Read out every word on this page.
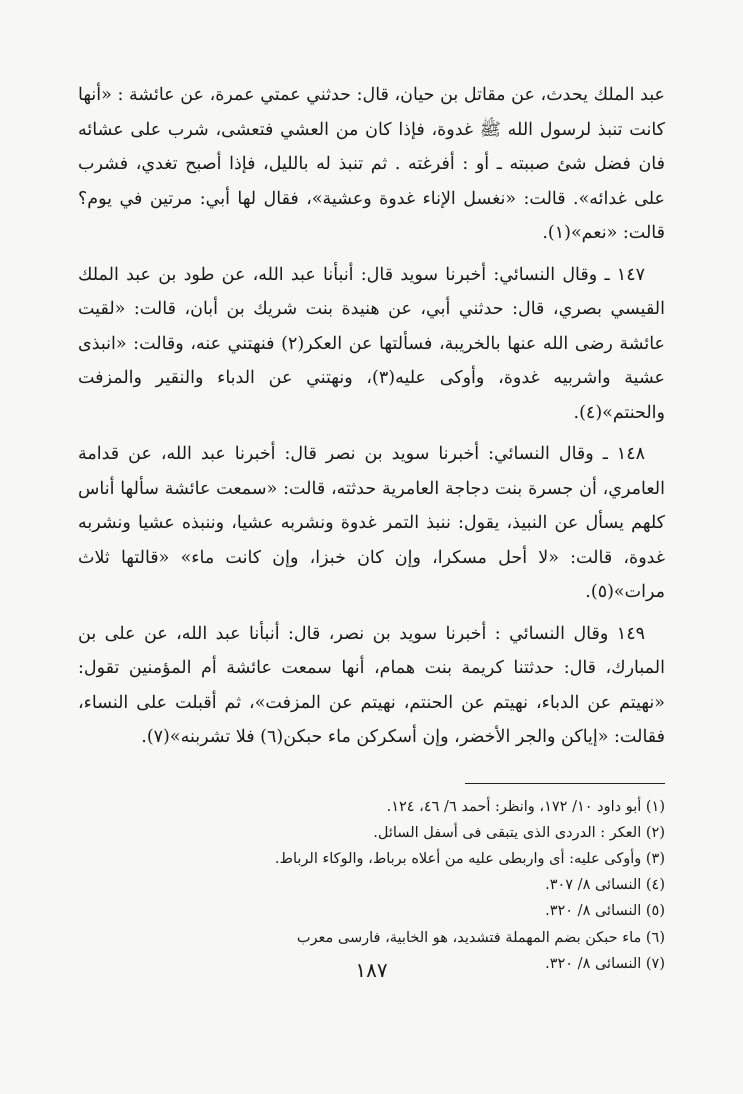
عبد الملك يحدث، عن مقاتل بن حيان، قال: حدثني عمتي عمرة، عن عائشة : «أنها كانت تنبذ لرسول الله ﷺ غدوة، فإذا كان من العشي فتعشى، شرب على عشائه فان فضل شئ صببته ـ أو : أفرغته . ثم تنبذ له بالليل، فإذا أصبح تغدي، فشرب على غدائه». قالت: «نغسل الإناء غدوة وعشية»، فقال لها أبي: مرتين في يوم؟ قالت: «نعم»(١).

١٤٧ ـ وقال النسائي: أخبرنا سويد قال: أنبأنا عبد الله، عن طود بن عبد الملك القيسي بصري، قال: حدثني أبي، عن هنيدة بنت شريك بن أبان، قالت: «لقيت عائشة رضى الله عنها بالخريبة، فسألتها عن العكر(٢) فنهتني عنه، وقالت: «انبذى عشية واشربيه غدوة، وأوكى عليه(٣)، ونهتني عن الدباء والنقير والمزفت والحنتم»(٤).

١٤٨ ـ وقال النسائي: أخبرنا سويد بن نصر قال: أخبرنا عبد الله، عن قدامة العامري، أن جسرة بنت دجاجة العامرية حدثته، قالت: «سمعت عائشة سألها أناس كلهم يسأل عن النبيذ، يقول: ننبذ التمر غدوة ونشربه عشيا، وننبذه عشيا ونشربه غدوة، قالت: «لا أحل مسكرا، وإن كان خبزا، وإن كانت ماء» «قالتها ثلاث مرات»(٥).

١٤٩ وقال النسائي : أخبرنا سويد بن نصر، قال: أنبأنا عبد الله، عن على بن المبارك، قال: حدثتنا كريمة بنت همام، أنها سمعت عائشة أم المؤمنين تقول: «نهيتم عن الدباء، نهيتم عن الحنتم، نهيتم عن المزفت»، ثم أقبلت على النساء، فقالت: «إياكن والجر الأخضر، وإن أسكركن ماء حبكن(٦) فلا تشربنه»(٧).

(١) أبو داود ١٠/ ١٧٢، وانظر: أحمد ٦/ ٤٦، ١٢٤.

(٢) العكر : الدردى الذى يتبقى فى أسفل السائل.

(٣) وأوكى عليه: أى واربطى عليه من أعلاه برباط، والوكاء الرباط.

(٤) النسائى ٨/ ٣٠٧.

(٥) النسائى ٨/ ٣٢٠.

(٦) ماء حبكن بضم المهملة فتشديد، هو الخابية، فارسى معرب

(٧) النسائى ٨/ ٣٢٠.

١٨٧
